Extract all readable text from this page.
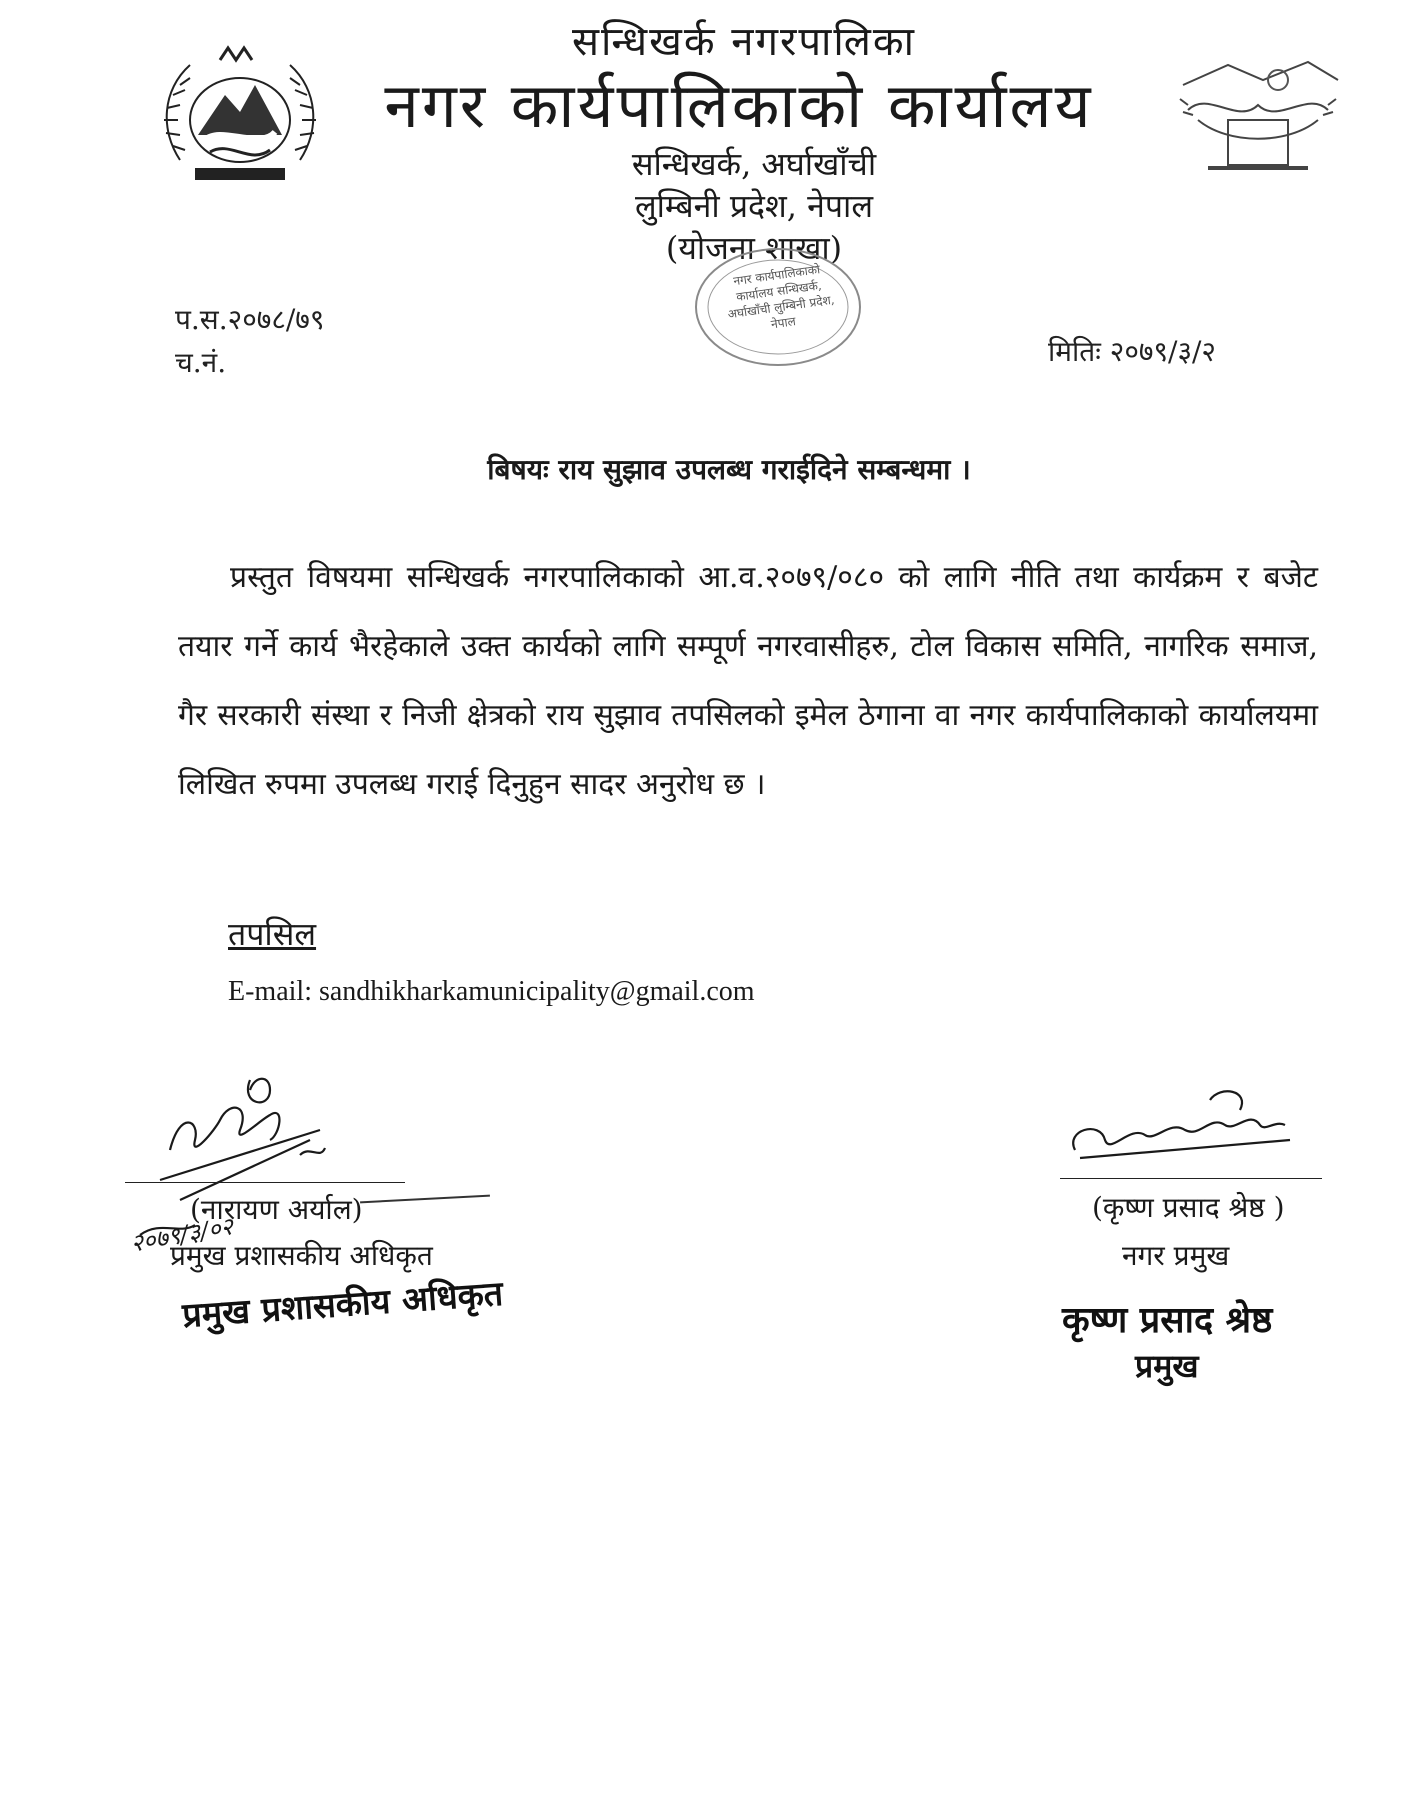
सन्धिखर्क नगरपालिका
नगर कार्यपालिकाको कार्यालय
सन्धिखर्क, अर्घाखाँची
लुम्बिनी प्रदेश, नेपाल
(योजना शाखा)
नगर कार्यपालिकाको कार्यालय सन्धिखर्क, अर्घाखाँची लुम्बिनी प्रदेश, नेपाल
प.स.२०७८/७९
च.नं.	मितिः २०७९/३/२
बिषयः राय सुझाव उपलब्ध गराईदिने सम्बन्धमा ।
प्रस्तुत विषयमा सन्धिखर्क नगरपालिकाको आ.व.२०७९/०८० को लागि नीति तथा कार्यक्रम र बजेट तयार गर्ने कार्य भैरहेकाले उक्त कार्यको लागि सम्पूर्ण नगरवासीहरु, टोल विकास समिति, नागरिक समाज, गैर सरकारी संस्था र निजी क्षेत्रको राय सुझाव तपसिलको इमेल ठेगाना वा नगर कार्यपालिकाको कार्यालयमा लिखित रुपमा उपलब्ध गराई दिनुहुन सादर अनुरोध छ ।
तपसिल
E-mail: sandhikharkamunicipality@gmail.com
(नारायण अर्याल)
२०७९/३/०२
प्रमुख प्रशासकीय अधिकृत
प्रमुख प्रशासकीय अधिकृत
(कृष्ण प्रसाद श्रेष्ठ )
नगर प्रमुख
कृष्ण प्रसाद श्रेष्ठ
प्रमुख
